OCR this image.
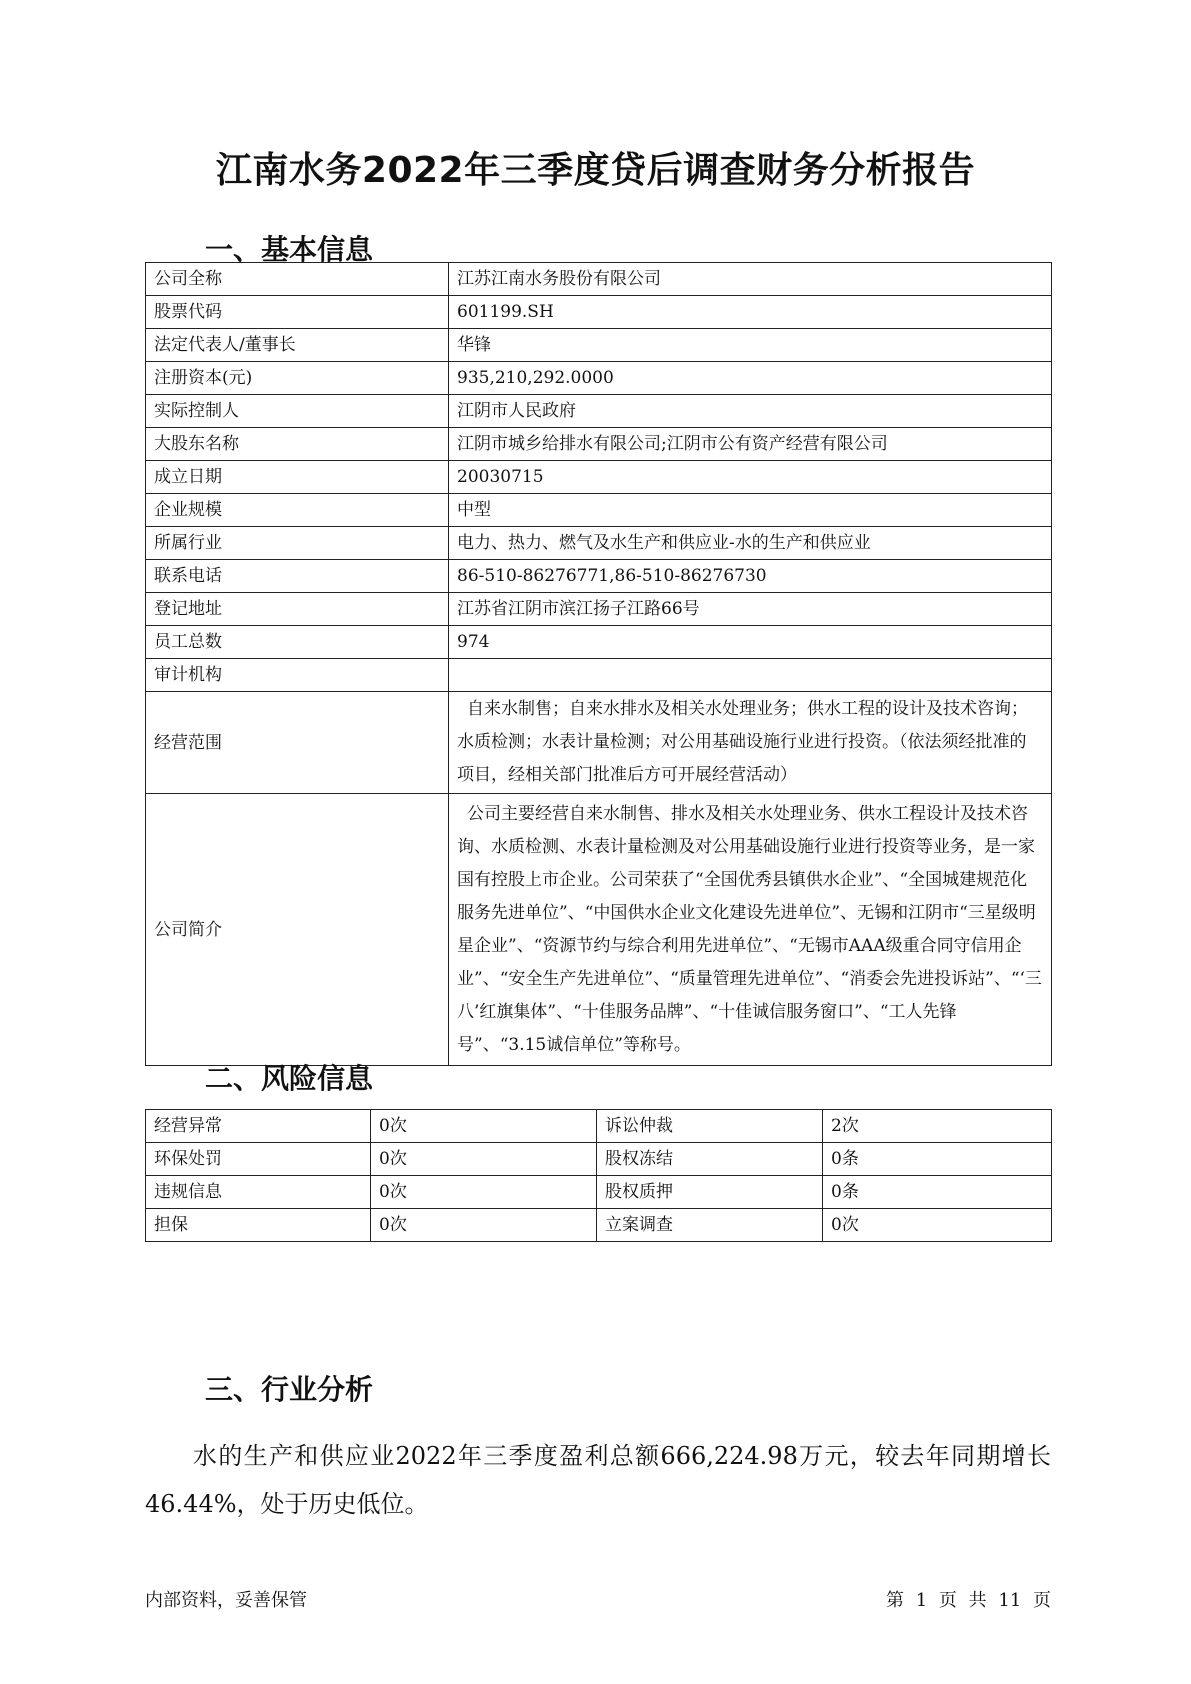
江南水务2022年三季度贷后调查财务分析报告
一、基本信息
公司全称	江苏江南水务股份有限公司
股票代码	601199.SH
法定代表人/董事长	华锋
注册资本(元)	935,210,292.0000
实际控制人	江阴市人民政府
大股东名称	江阴市城乡给排水有限公司;江阴市公有资产经营有限公司
成立日期	20030715
企业规模	中型
所属行业	电力、热力、燃气及水生产和供应业-水的生产和供应业
联系电话	86-510-86276771,86-510-86276730
登记地址	江苏省江阴市滨江扬子江路66号
员工总数	974
审计机构	
经营范围	自来水制售；自来水排水及相关水处理业务；供水工程的设计及技术咨询；水质检测；水表计量检测；对公用基础设施行业进行投资。（依法须经批准的项目，经相关部门批准后方可开展经营活动）
公司简介	公司主要经营自来水制售、排水及相关水处理业务、供水工程设计及技术咨询、水质检测、水表计量检测及对公用基础设施行业进行投资等业务，是一家国有控股上市企业。公司荣获了“全国优秀县镇供水企业”、“全国城建规范化服务先进单位”、“中国供水企业文化建设先进单位”、无锡和江阴市“三星级明星企业”、“资源节约与综合利用先进单位”、“无锡市AAA级重合同守信用企业”、“安全生产先进单位”、“质量管理先进单位”、“消委会先进投诉站”、“‘三八’红旗集体”、“十佳服务品牌”、“十佳诚信服务窗口”、“工人先锋号”、“3.15诚信单位”等称号。
二、风险信息
经营异常	0次	诉讼仲裁	2次
环保处罚	0次	股权冻结	0条
违规信息	0次	股权质押	0条
担保	0次	立案调查	0次
三、行业分析
水的生产和供应业2022年三季度盈利总额666,224.98万元，较去年同期增长46.44%，处于历史低位。
内部资料，妥善保管	第 1 页 共 11 页
